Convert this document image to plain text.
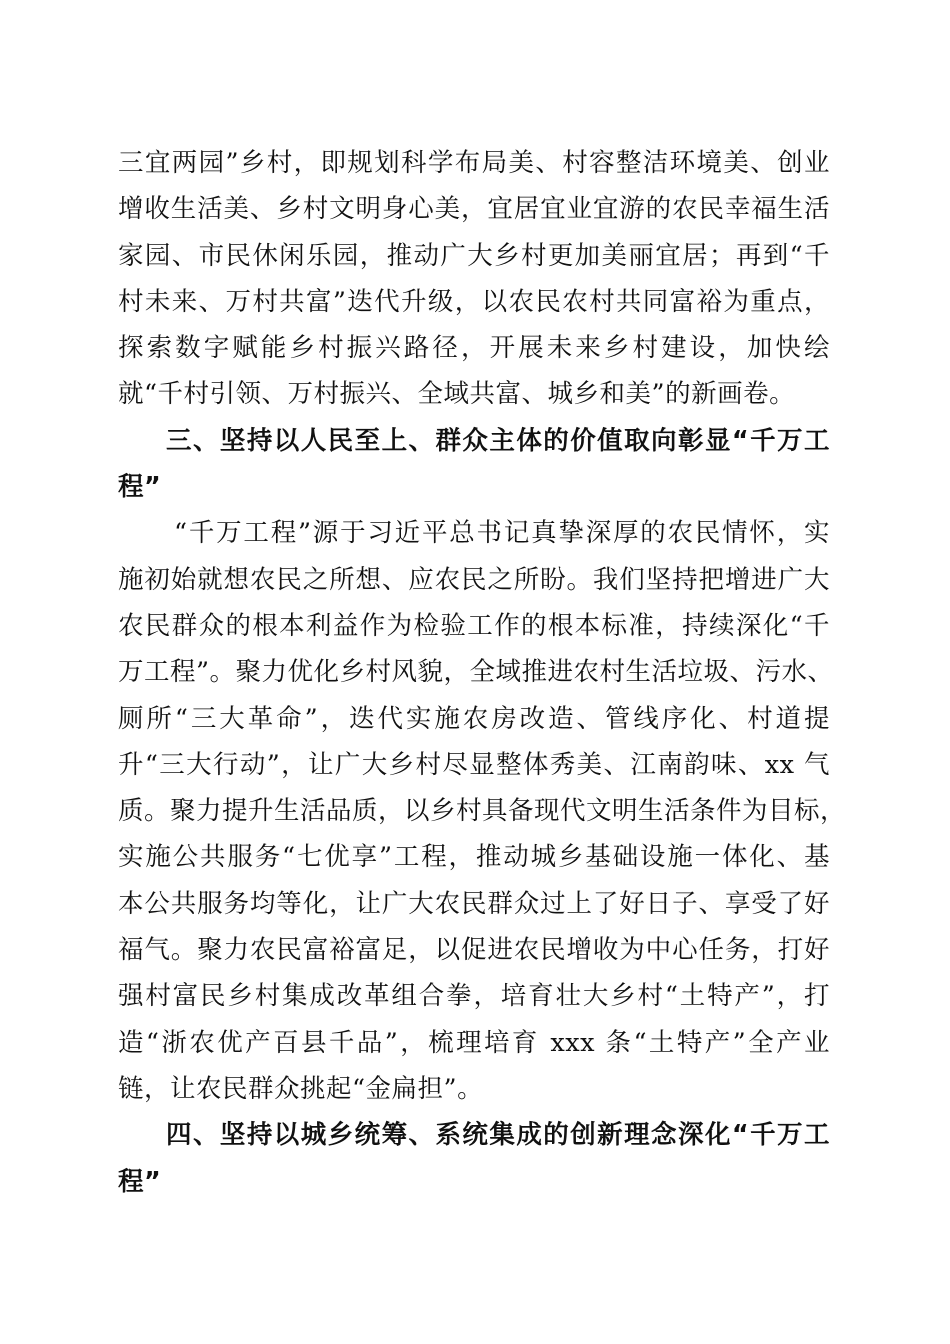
三宜两园”乡村，即规划科学布局美、村容整洁环境美、创业
增收生活美、乡村文明身心美，宜居宜业宜游的农民幸福生活
家园、市民休闲乐园，推动广大乡村更加美丽宜居；再到“千
村未来、万村共富”迭代升级，以农民农村共同富裕为重点，
探索数字赋能乡村振兴路径，开展未来乡村建设，加快绘
就“千村引领、万村振兴、全域共富、城乡和美”的新画卷。
三、坚持以人民至上、群众主体的价值取向彰显“千万工
程”
“千万工程”源于习近平总书记真挚深厚的农民情怀，实
施初始就想农民之所想、应农民之所盼。我们坚持把增进广大
农民群众的根本利益作为检验工作的根本标准，持续深化“千
万工程”。聚力优化乡村风貌，全域推进农村生活垃圾、污水、
厕所“三大革命”，迭代实施农房改造、管线序化、村道提
升“三大行动”，让广大乡村尽显整体秀美、江南韵味、xx 气
质。聚力提升生活品质，以乡村具备现代文明生活条件为目标，
实施公共服务“七优享”工程，推动城乡基础设施一体化、基
本公共服务均等化，让广大农民群众过上了好日子、享受了好
福气。聚力农民富裕富足，以促进农民增收为中心任务，打好
强村富民乡村集成改革组合拳，培育壮大乡村“土特产”，打
造“浙农优产百县千品”，梳理培育 xxx 条“土特产”全产业
链，让农民群众挑起“金扁担”。
四、坚持以城乡统筹、系统集成的创新理念深化“千万工
程”
